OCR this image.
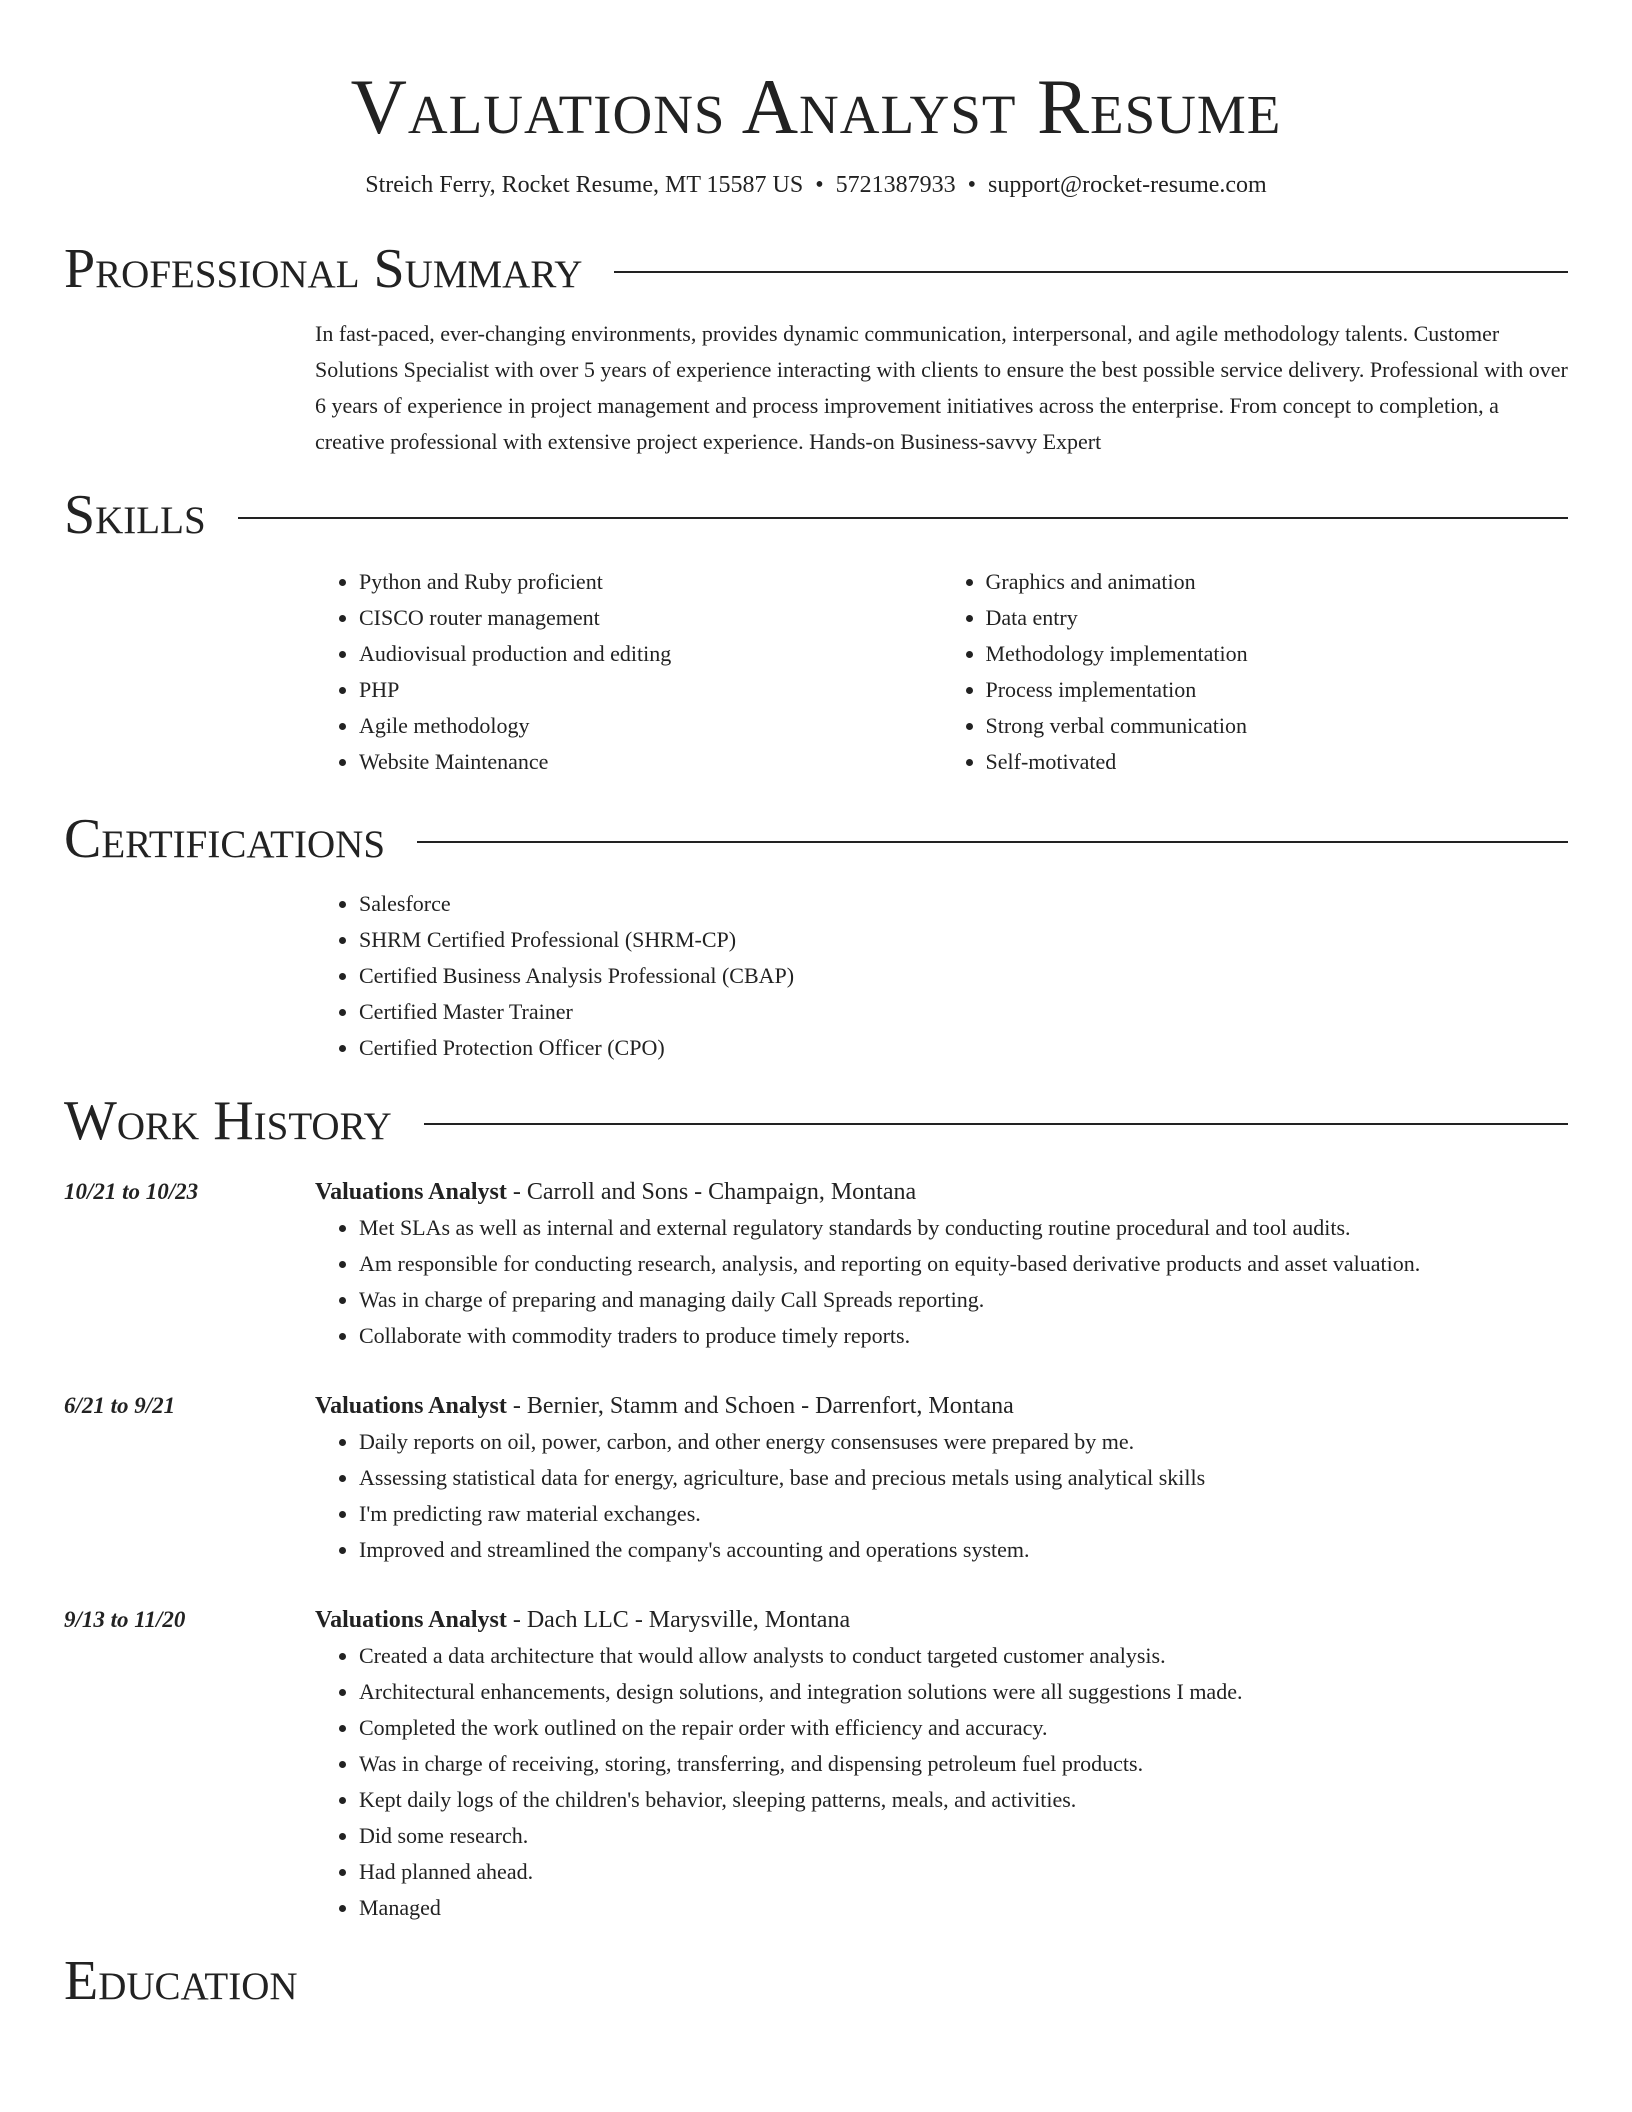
Valuations Analyst Resume
Streich Ferry, Rocket Resume, MT 15587 US • 5721387933 • support@rocket-resume.com
Professional Summary

In fast-paced, ever-changing environments, provides dynamic communication, interpersonal, and agile methodology talents. Customer Solutions Specialist with over 5 years of experience interacting with clients to ensure the best possible service delivery. Professional with over 6 years of experience in project management and process improvement initiatives across the enterprise. From concept to completion, a creative professional with extensive project experience. Hands-on Business-savvy Expert

Skills
• Python and Ruby proficient
• CISCO router management
• Audiovisual production and editing
• PHP
• Agile methodology
• Website Maintenance
• Graphics and animation
• Data entry
• Methodology implementation
• Process implementation
• Strong verbal communication
• Self-motivated
Certifications
• Salesforce
• SHRM Certified Professional (SHRM-CP)
• Certified Business Analysis Professional (CBAP)
• Certified Master Trainer
• Certified Protection Officer (CPO)
Work History
10/21 to 10/23	Valuations Analyst - Carroll and Sons - Champaign, Montana
• Met SLAs as well as internal and external regulatory standards by conducting routine procedural and tool audits.
• Am responsible for conducting research, analysis, and reporting on equity-based derivative products and asset valuation.
• Was in charge of preparing and managing daily Call Spreads reporting.
• Collaborate with commodity traders to produce timely reports.
6/21 to 9/21	Valuations Analyst - Bernier, Stamm and Schoen - Darrenfort, Montana
• Daily reports on oil, power, carbon, and other energy consensuses were prepared by me.
• Assessing statistical data for energy, agriculture, base and precious metals using analytical skills
• I'm predicting raw material exchanges.
• Improved and streamlined the company's accounting and operations system.
9/13 to 11/20	Valuations Analyst - Dach LLC - Marysville, Montana
• Created a data architecture that would allow analysts to conduct targeted customer analysis.
• Architectural enhancements, design solutions, and integration solutions were all suggestions I made.
• Completed the work outlined on the repair order with efficiency and accuracy.
• Was in charge of receiving, storing, transferring, and dispensing petroleum fuel products.
• Kept daily logs of the children's behavior, sleeping patterns, meals, and activities.
• Did some research.
• Had planned ahead.
• Managed
Education
